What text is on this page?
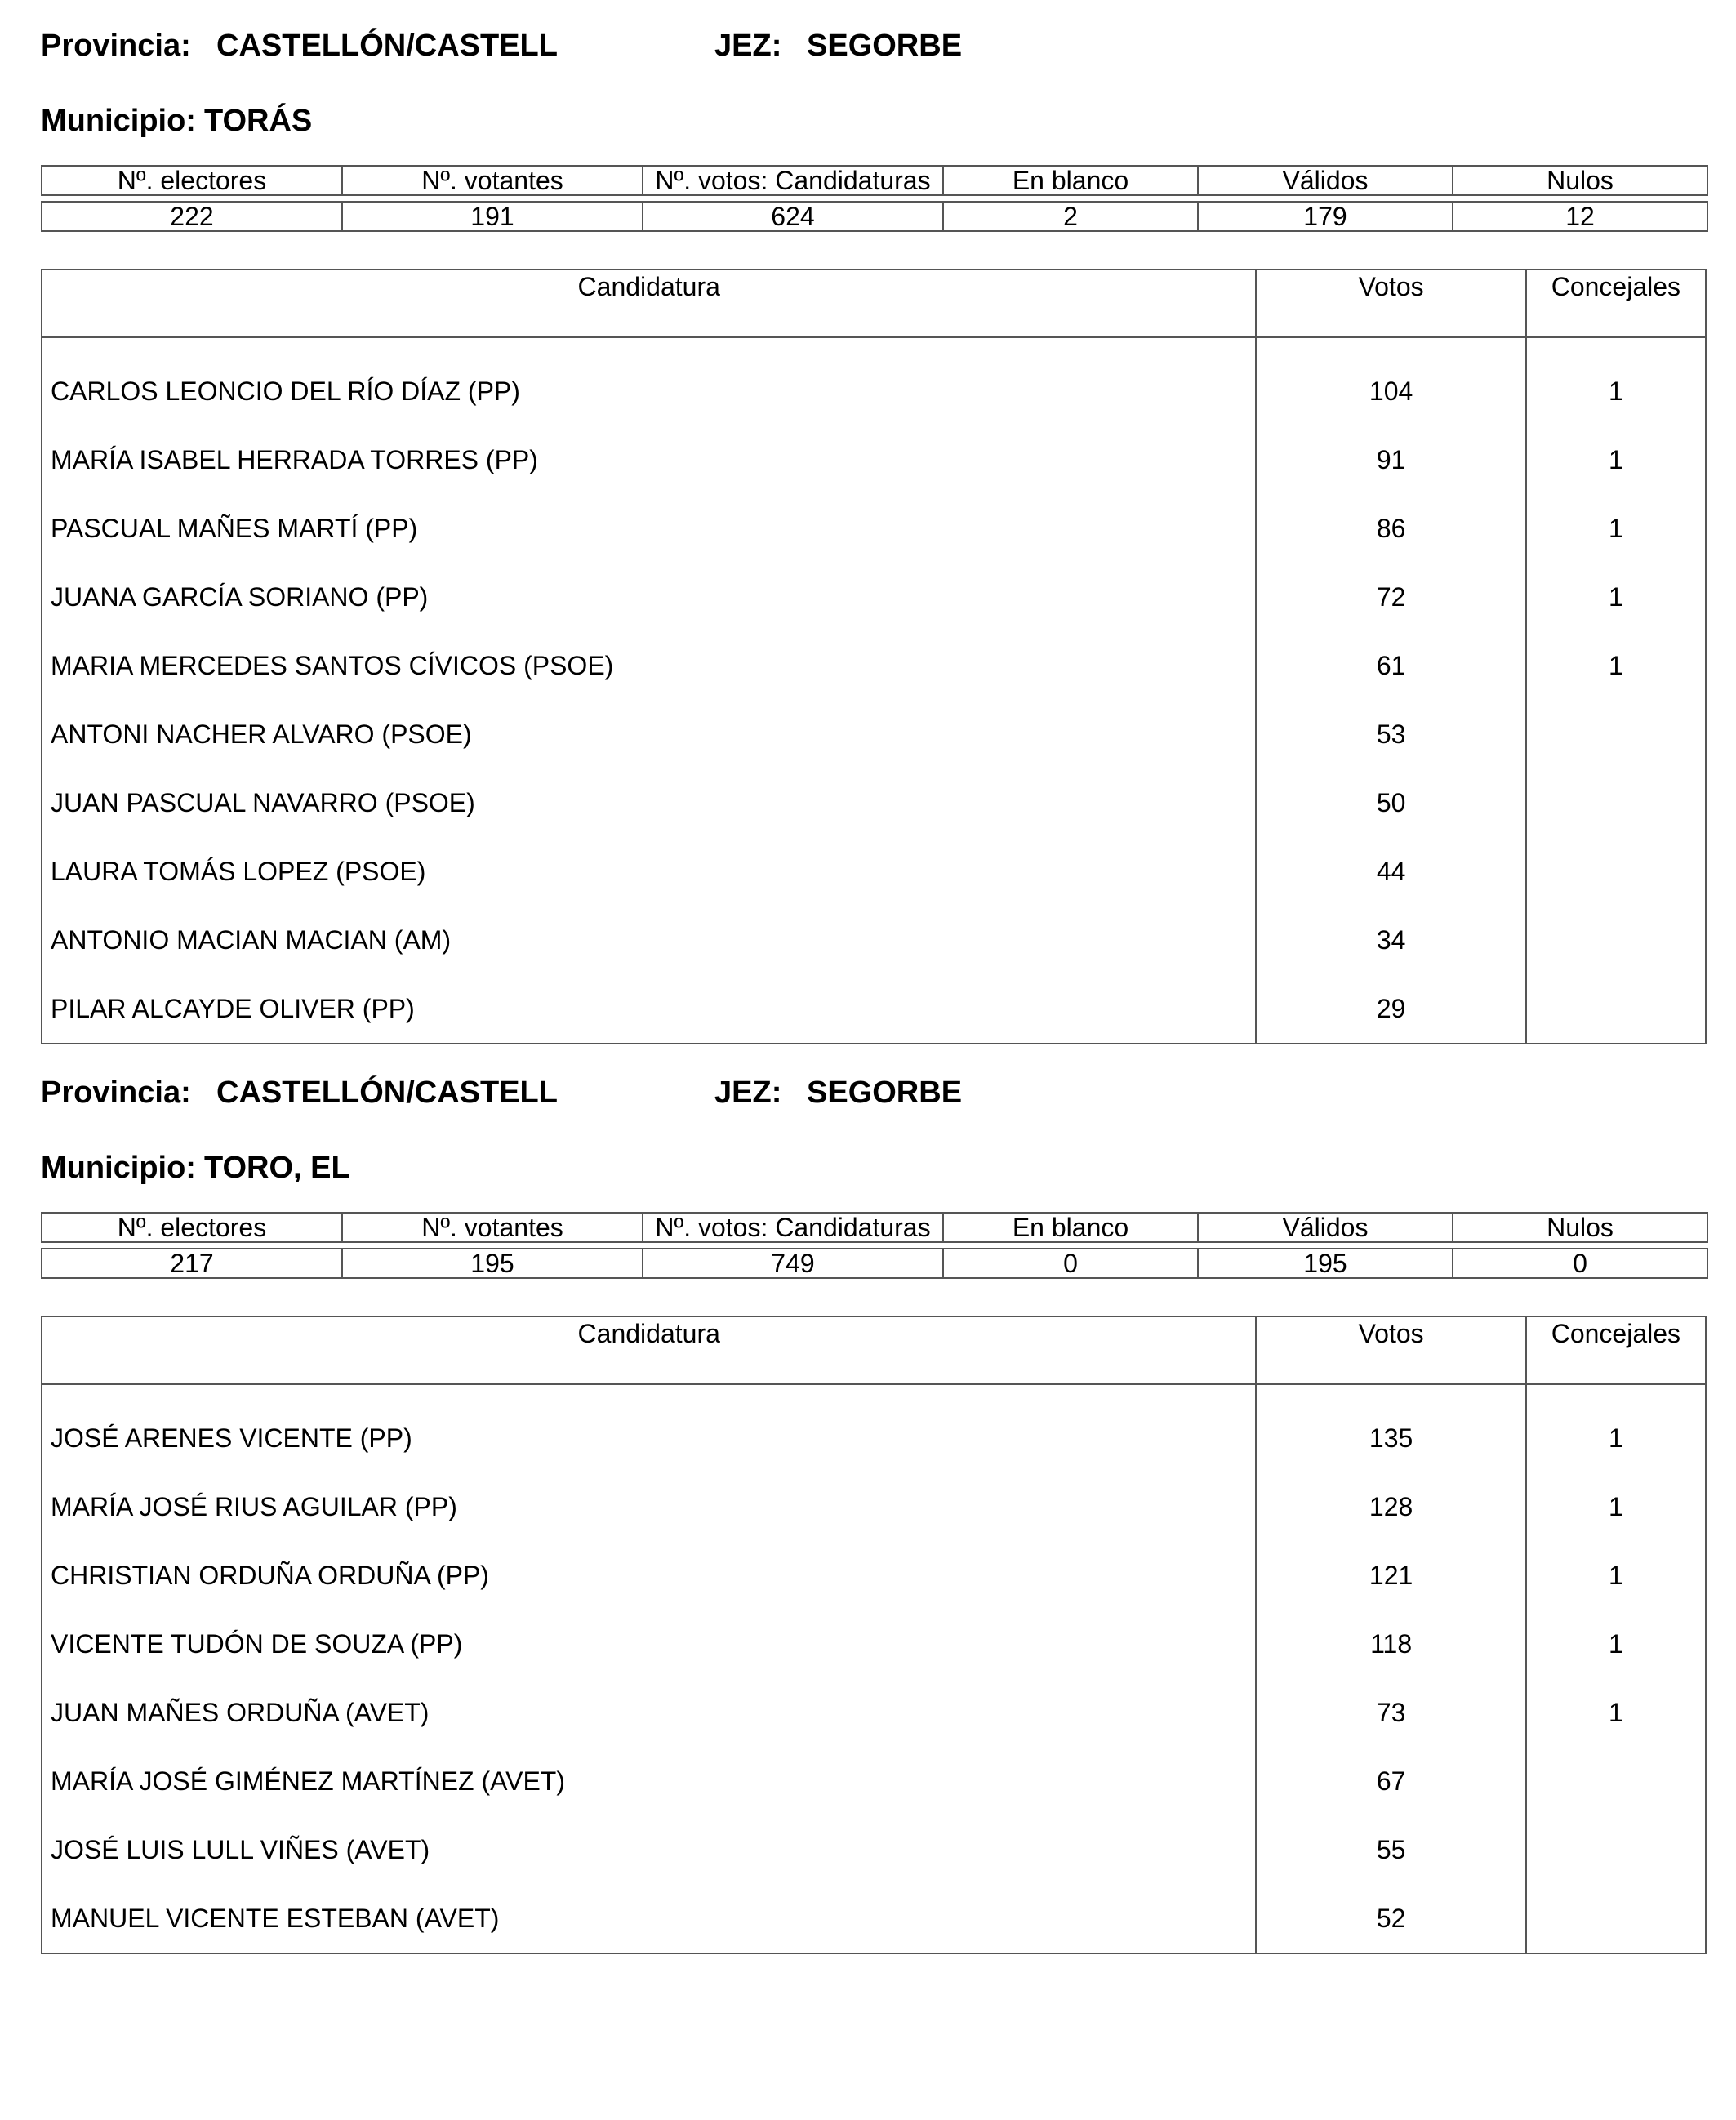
Provincia: CASTELLÓN/CASTELL	JEZ: SEGORBE
Municipio: TORÁS
Nº. electores	Nº. votantes	Nº. votos: Candidaturas	En blanco	Válidos	Nulos

222	191	624	2	179	12
Candidatura	Votos	Concejales
CARLOS LEONCIO DEL RÍO DÍAZ (PP)	104	1
MARÍA ISABEL HERRADA TORRES (PP)	91	1
PASCUAL MAÑES MARTÍ (PP)	86	1
JUANA GARCÍA SORIANO (PP)	72	1
MARIA MERCEDES SANTOS CÍVICOS (PSOE)	61	1
ANTONI NACHER ALVARO (PSOE)	53	
JUAN PASCUAL NAVARRO (PSOE)	50	
LAURA TOMÁS LOPEZ (PSOE)	44	
ANTONIO MACIAN MACIAN (AM)	34	
PILAR ALCAYDE OLIVER (PP)	29	
Provincia: CASTELLÓN/CASTELL	JEZ: SEGORBE
Municipio: TORO, EL
Nº. electores	Nº. votantes	Nº. votos: Candidaturas	En blanco	Válidos	Nulos

217	195	749	0	195	0
Candidatura	Votos	Concejales
JOSÉ ARENES VICENTE (PP)	135	1
MARÍA JOSÉ RIUS AGUILAR (PP)	128	1
CHRISTIAN ORDUÑA ORDUÑA (PP)	121	1
VICENTE TUDÓN DE SOUZA (PP)	118	1
JUAN MAÑES ORDUÑA (AVET)	73	1
MARÍA JOSÉ GIMÉNEZ MARTÍNEZ (AVET)	67	
JOSÉ LUIS LULL VIÑES (AVET)	55	
MANUEL VICENTE ESTEBAN (AVET)	52	
